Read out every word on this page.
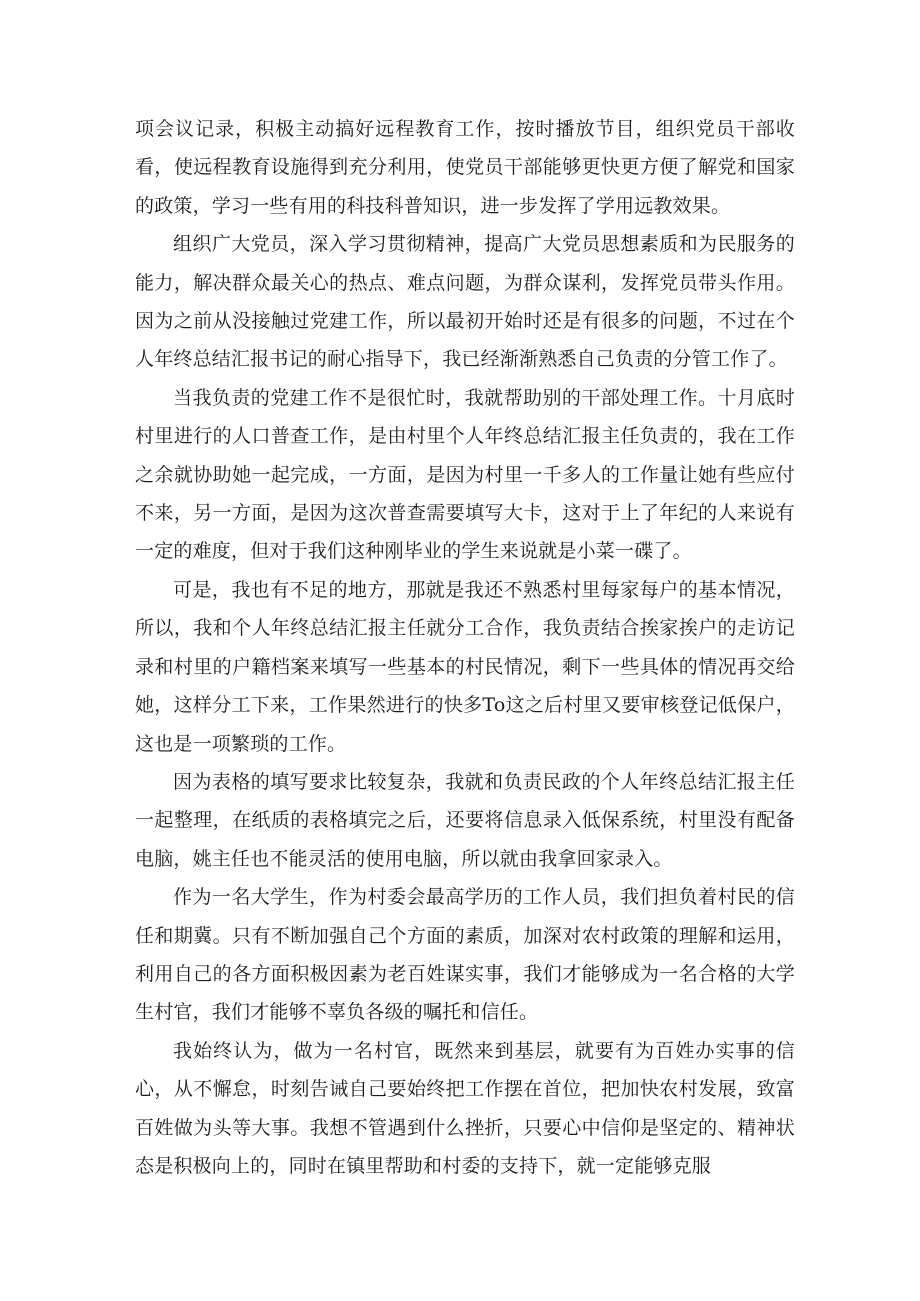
项会议记录，积极主动搞好远程教育工作，按时播放节目，组织党员干部收看，使远程教育设施得到充分利用，使党员干部能够更快更方便了解党和国家的政策，学习一些有用的科技科普知识，进一步发挥了学用远教效果。

组织广大党员，深入学习贯彻精神，提高广大党员思想素质和为民服务的能力，解决群众最关心的热点、难点问题，为群众谋利，发挥党员带头作用。因为之前从没接触过党建工作，所以最初开始时还是有很多的问题，不过在个人年终总结汇报书记的耐心指导下，我已经渐渐熟悉自己负责的分管工作了。

当我负责的党建工作不是很忙时，我就帮助别的干部处理工作。十月底时村里进行的人口普查工作，是由村里个人年终总结汇报主任负责的，我在工作之余就协助她一起完成，一方面，是因为村里一千多人的工作量让她有些应付不来，另一方面，是因为这次普查需要填写大卡，这对于上了年纪的人来说有一定的难度，但对于我们这种刚毕业的学生来说就是小菜一碟了。

可是，我也有不足的地方，那就是我还不熟悉村里每家每户的基本情况，所以，我和个人年终总结汇报主任就分工合作，我负责结合挨家挨户的走访记录和村里的户籍档案来填写一些基本的村民情况，剩下一些具体的情况再交给她，这样分工下来，工作果然进行的快多To这之后村里又要审核登记低保户，这也是一项繁琐的工作。

因为表格的填写要求比较复杂，我就和负责民政的个人年终总结汇报主任一起整理，在纸质的表格填完之后，还要将信息录入低保系统，村里没有配备电脑，姚主任也不能灵活的使用电脑，所以就由我拿回家录入。

作为一名大学生，作为村委会最高学历的工作人员，我们担负着村民的信任和期冀。只有不断加强自己个方面的素质，加深对农村政策的理解和运用，利用自己的各方面积极因素为老百姓谋实事，我们才能够成为一名合格的大学生村官，我们才能够不辜负各级的嘱托和信任。

我始终认为，做为一名村官，既然来到基层，就要有为百姓办实事的信心，从不懈怠，时刻告诫自己要始终把工作摆在首位，把加快农村发展，致富百姓做为头等大事。我想不管遇到什么挫折，只要心中信仰是坚定的、精神状态是积极向上的，同时在镇里帮助和村委的支持下，就一定能够克服
